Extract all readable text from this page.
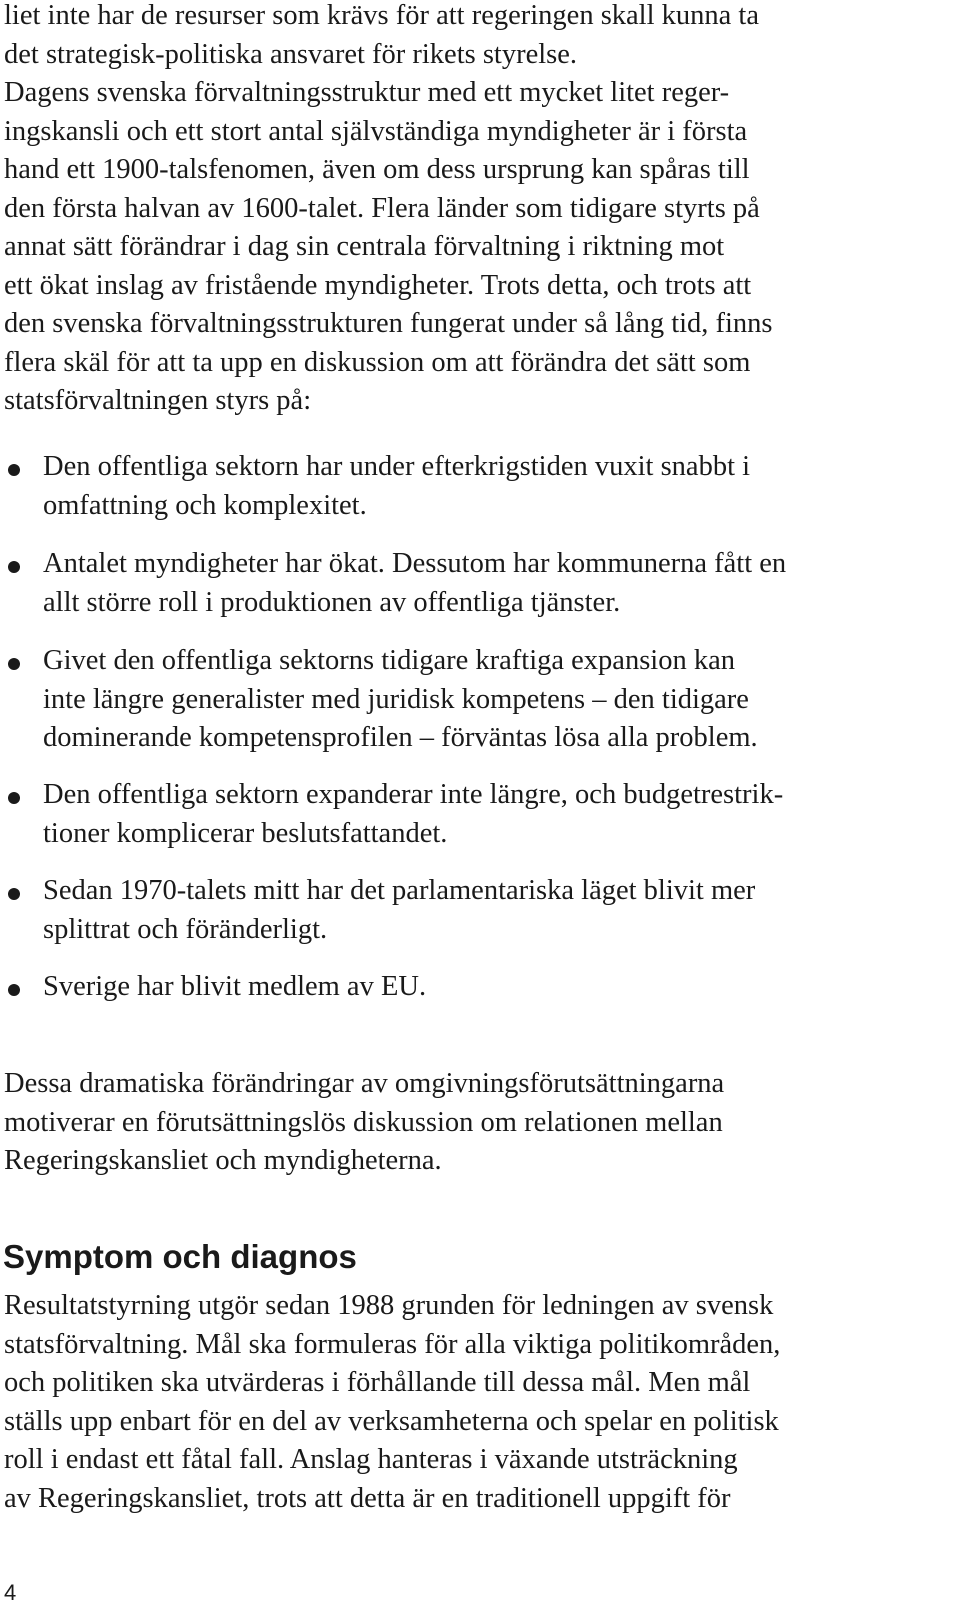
liet inte har de resurser som krävs för att regeringen skall kunna ta
det strategisk-politiska ansvaret för rikets styrelse.
Dagens svenska förvaltningsstruktur med ett mycket litet reger-
ingskansli och ett stort antal självständiga myndigheter är i första
hand ett 1900-talsfenomen, även om dess ursprung kan spåras till
den första halvan av 1600-talet. Flera länder som tidigare styrts på
annat sätt förändrar i dag sin centrala förvaltning i riktning mot
ett ökat inslag av fristående myndigheter. Trots detta, och trots att
den svenska förvaltningsstrukturen fungerat under så lång tid, finns
flera skäl för att ta upp en diskussion om att förändra det sätt som
statsförvaltningen styrs på:

Den offentliga sektorn har under efterkrigstiden vuxit snabbt i
omfattning och komplexitet.
Antalet myndigheter har ökat. Dessutom har kommunerna fått en
allt större roll i produktionen av offentliga tjänster.
Givet den offentliga sektorns tidigare kraftiga expansion kan
inte längre generalister med juridisk kompetens – den tidigare
dominerande kompetensprofilen – förväntas lösa alla problem.
Den offentliga sektorn expanderar inte längre, och budgetrestrik-
tioner komplicerar beslutsfattandet.
Sedan 1970-talets mitt har det parlamentariska läget blivit mer
splittrat och föränderligt.
Sverige har blivit medlem av EU.

Dessa dramatiska förändringar av omgivningsförutsättningarna
motiverar en förutsättningslös diskussion om relationen mellan
Regeringskansliet och myndigheterna.

Symptom och diagnos

Resultatstyrning utgör sedan 1988 grunden för ledningen av svensk
statsförvaltning. Mål ska formuleras för alla viktiga politikområden,
och politiken ska utvärderas i förhållande till dessa mål. Men mål
ställs upp enbart för en del av verksamheterna och spelar en politisk
roll i endast ett fåtal fall. Anslag hanteras i växande utsträckning
av Regeringskansliet, trots att detta är en traditionell uppgift för

4
